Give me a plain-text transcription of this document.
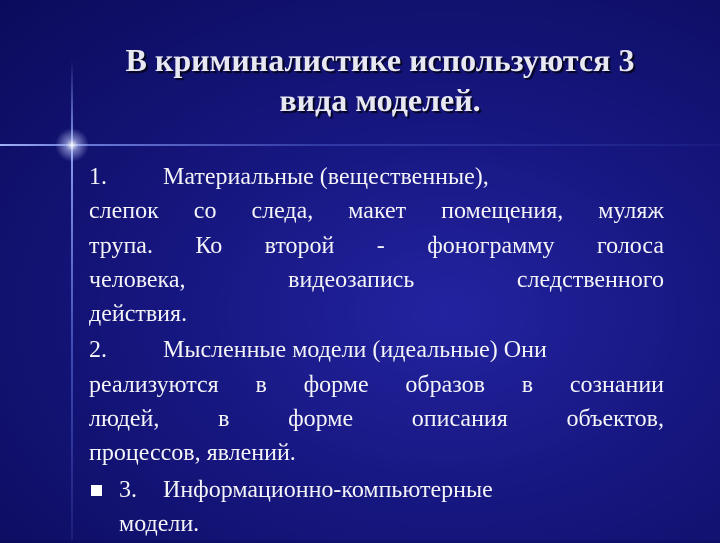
В криминалистике используются 3
вида моделей.
1. Материальные (вещественные),
слепок со следа, макет помещения, муляж
трупа. Ко второй - фонограмму голоса
человека, видеозапись следственного
действия.
2. Мысленные модели (идеальные) Они
реализуются в форме образов в сознании
людей, в форме описания объектов,
процессов, явлений.
3. Информационно-компьютерные
модели.
